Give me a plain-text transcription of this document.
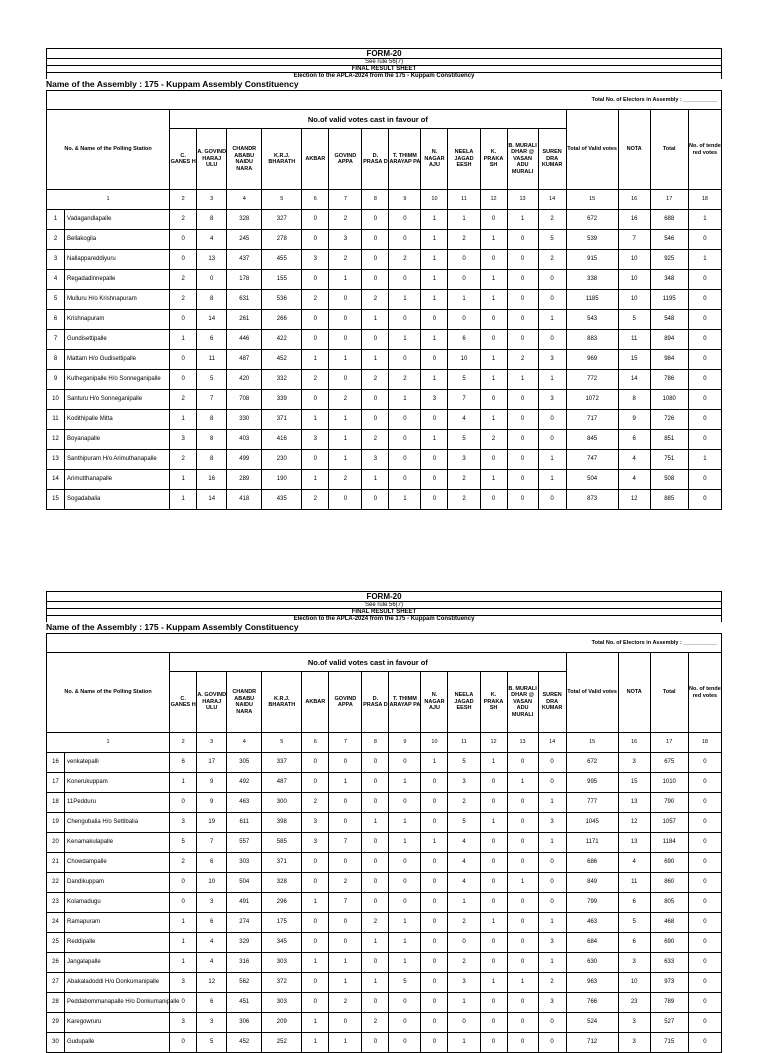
FORM-20
See rule 56(7)
FINAL RESULT SHEET
Election to the APLA-2024 from the 175 - Kuppam Constituency
Name of the Assembly : 175 - Kuppam Assembly Constituency
Total No. of Electors in Assembly : ___________																		
No. & Name of the Polling Station		No.of valid votes cast in favour of													Total of Valid votes	NOTA	Total	No. of tende red votes
		C. GANES H	A. GOVIND HARAJ ULU	CHANDR ABABU NAIDU NARA	K.R.J. BHARATH	AKBAR	GOVIND APPA	D. PRASA D	T. THIMM ARAYAP PA	N. NAGAR AJU	NEELA JAGAD EESH	K. PRAKA SH	B. MURALI DHAR @ VASAN ADU MURALI	SUREN DRA KUMAR				
1		2	3	4	5	6	7	8	9	10	11	12	13	14	15	16	17	18
1	Vadagandlapalle	2	8	328	327	0	2	0	0	1	1	0	1	2	672	16	688	1
2	Bellakogila	0	4	245	278	0	3	0	0	1	2	1	0	5	539	7	546	0
3	Nallappareddiyuru	0	13	437	455	3	2	0	2	1	0	0	0	2	915	10	925	1
4	Regadadinnepalle	2	0	178	155	0	1	0	0	1	0	1	0	0	338	10	348	0
5	Mulluru H/o Krishnapuram	2	8	631	536	2	0	2	1	1	1	1	0	0	1185	10	1195	0
6	Krishnapuram	0	14	261	266	0	0	1	0	0	0	0	0	1	543	5	548	0
7	Gundisettipalle	1	6	446	422	0	0	0	1	1	6	0	0	0	883	11	894	0
8	Mattam H/o Gudisettipalle	0	11	487	452	1	1	1	0	0	10	1	2	3	969	15	984	0
9	Kutheganipalle H/o Sonneganipalle	0	5	420	332	2	0	2	2	1	5	1	1	1	772	14	786	0
10	Santuru H/o Sonneganipalle	2	7	708	339	0	2	0	1	3	7	0	0	3	1072	8	1080	0
11	Kodithipalle Mitta	1	8	330	371	1	1	0	0	0	4	1	0	0	717	9	726	0
12	Boyanapalle	3	8	403	416	3	1	2	0	1	5	2	0	0	845	6	851	0
13	Santhipuram H/o Arimuthanapalle	2	8	499	230	0	1	3	0	0	3	0	0	1	747	4	751	1
14	Arimutthanapalle	1	16	289	190	1	2	1	0	0	2	1	0	1	504	4	508	0
15	Sogadabalia	1	14	418	435	2	0	0	1	0	2	0	0	0	873	12	885	0
FORM-20
See rule 56(7)
FINAL RESULT SHEET
Election to the APLA-2024 from the 175 - Kuppam Constituency
Name of the Assembly : 175 - Kuppam Assembly Constituency
Total No. of Electors in Assembly : ___________																		
No. & Name of the Polling Station		No.of valid votes cast in favour of													Total of Valid votes	NOTA	Total	No. of tende red votes
		C. GANES H	A. GOVIND HARAJ ULU	CHANDR ABABU NAIDU NARA	K.R.J. BHARATH	AKBAR	GOVIND APPA	D. PRASA D	T. THIMM ARAYAP PA	N. NAGAR AJU	NEELA JAGAD EESH	K. PRAKA SH	B. MURALI DHAR @ VASAN ADU MURALI	SUREN DRA KUMAR				
1		2	3	4	5	6	7	8	9	10	11	12	13	14	15	16	17	18
16	venkatepalli	6	17	305	337	0	0	0	0	1	5	1	0	0	672	3	675	0
17	Konerukuppam	1	9	492	487	0	1	0	1	0	3	0	1	0	995	15	1010	0
18	11Pedduru	0	9	463	300	2	0	0	0	0	2	0	0	1	777	13	790	0
19	Chengubalia H/o Settibalia	3	19	611	398	3	0	1	1	0	5	1	0	3	1045	12	1057	0
20	Kenamakulapalle	5	7	557	585	3	7	0	1	1	4	0	0	1	1171	13	1184	0
21	Chowdampalle	2	6	303	371	0	0	0	0	0	4	0	0	0	686	4	690	0
22	Dandikuppam	0	10	504	328	0	2	0	0	0	4	0	1	0	849	11	860	0
23	Kolamadugu	0	3	491	296	1	7	0	0	0	1	0	0	0	799	6	805	0
24	Ramapuram	1	6	274	175	0	0	2	1	0	2	1	0	1	463	5	468	0
25	Reddipalle	1	4	329	345	0	0	1	1	0	0	0	0	3	684	6	690	0
26	Jangalapalle	1	4	316	303	1	1	0	1	0	2	0	0	1	630	3	633	0
27	Abakaladoddi H/o Donkumanipalle	3	12	562	372	0	1	1	5	0	3	1	1	2	963	10	973	0
28	Peddabommanapalle H/o Donkumanipalle	0	6	451	303	0	2	0	0	0	1	0	0	3	766	23	789	0
29	Karegowruru	3	3	306	209	1	0	2	0	0	0	0	0	0	524	3	527	0
30	Gudupalle	0	5	452	252	1	1	0	0	0	1	0	0	0	712	3	715	0
